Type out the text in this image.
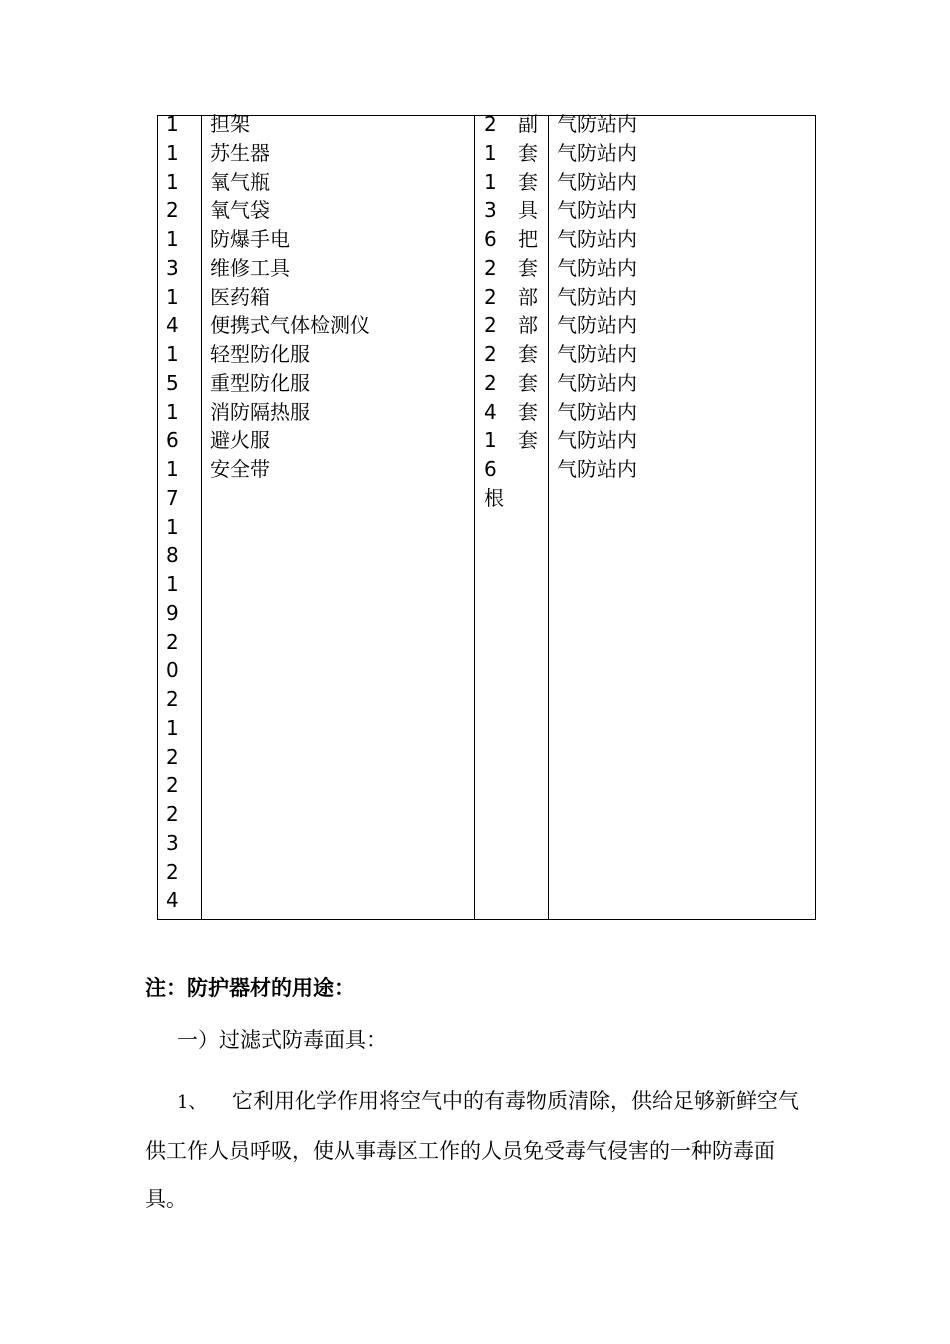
1
1
1
2
1
3
1
4
1
5
1
6
1
7
1
8
1
9
2
0
2
1
2
2
2
3
2
4
担架
苏生器
氧气瓶
氧气袋
防爆手电
维修工具
医药箱
便携式气体检测仪
轻型防化服
重型防化服
消防隔热服
避火服
安全带
2 副
1 套
1 套
3 具
6 把
2 套
2 部
2 部
2 套
2 套
4 套
1 套
6
根
气防站内
气防站内
气防站内
气防站内
气防站内
气防站内
气防站内
气防站内
气防站内
气防站内
气防站内
气防站内
气防站内

注：防护器材的用途：

一）过滤式防毒面具：

1、 它利用化学作用将空气中的有毒物质清除，供给足够新鲜空气供工作人员呼吸，使从事毒区工作的人员免受毒气侵害的一种防毒面具。
